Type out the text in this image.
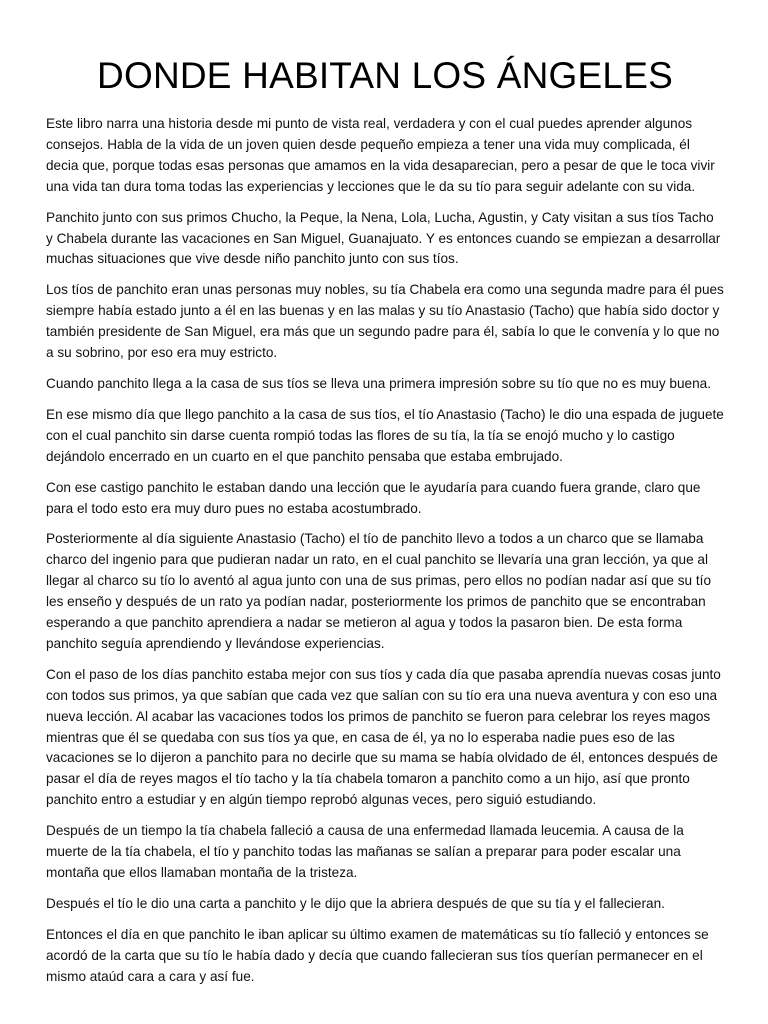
DONDE HABITAN LOS ÁNGELES

Este libro narra una historia desde mi punto de vista real, verdadera y con el cual puedes aprender algunos consejos. Habla de la vida de un joven quien desde pequeño empieza a tener una vida muy complicada, él decia que, porque todas esas personas que amamos en la vida desaparecian, pero a pesar de que le toca vivir una vida tan dura toma todas las experiencias y lecciones que le da su tío para seguir adelante con su vida.

Panchito junto con sus primos Chucho, la Peque, la Nena, Lola, Lucha, Agustin, y Caty visitan a sus tíos Tacho y Chabela durante las vacaciones en San Miguel, Guanajuato. Y es entonces cuando se empiezan a desarrollar muchas situaciones que vive desde niño panchito junto con sus tíos.

Los tíos de panchito eran unas personas muy nobles, su tía Chabela era como una segunda madre para él pues siempre había estado junto a él en las buenas y en las malas y su tío Anastasio (Tacho) que había sido doctor y también presidente de San Miguel, era más que un segundo padre para él, sabía lo que le convenía y lo que no a su sobrino, por eso era muy estricto.

Cuando panchito llega a la casa de sus tíos se lleva una primera impresión sobre su tío que no es muy buena.

En ese mismo día que llego panchito a la casa de sus tíos, el tío Anastasio (Tacho) le dio una espada de juguete con el cual panchito sin darse cuenta rompió todas las flores de su tía, la tía se enojó mucho y lo castigo dejándolo encerrado en un cuarto en el que panchito pensaba que estaba embrujado.

Con ese castigo panchito le estaban dando una lección que le ayudaría para cuando fuera grande, claro que para el todo esto era muy duro pues no estaba acostumbrado.

Posteriormente al día siguiente Anastasio (Tacho) el tío de panchito llevo a todos a un charco que se llamaba charco del ingenio para que pudieran nadar un rato, en el cual panchito se llevaría una gran lección, ya que al llegar al charco su tío lo aventó al agua junto con una de sus primas, pero ellos no podían nadar así que su tío les enseño y después de un rato ya podían nadar, posteriormente los primos de panchito que se encontraban esperando a que panchito aprendiera a nadar se metieron al agua y todos la pasaron bien. De esta forma panchito seguía aprendiendo y llevándose experiencias.

Con el paso de los días panchito estaba mejor con sus tíos y cada día que pasaba aprendía nuevas cosas junto con todos sus primos, ya que sabían que cada vez que salían con su tío era una nueva aventura y con eso una nueva lección. Al acabar las vacaciones todos los primos de panchito se fueron para celebrar los reyes magos mientras que él se quedaba con sus tíos ya que, en casa de él, ya no lo esperaba nadie pues eso de las vacaciones se lo dijeron a panchito para no decirle que su mama se había olvidado de él, entonces después de pasar el día de reyes magos el tío tacho y la tía chabela tomaron a panchito como a un hijo, así que pronto panchito entro a estudiar y en algún tiempo reprobó algunas veces, pero siguió estudiando.

Después de un tiempo la tía chabela falleció a causa de una enfermedad llamada leucemia. A causa de la muerte de la tía chabela, el tío y panchito todas las mañanas se salían a preparar para poder escalar una montaña que ellos llamaban montaña de la tristeza.

Después el tío le dio una carta a panchito y le dijo que la abriera después de que su tía y el fallecieran.

Entonces el día en que panchito le iban aplicar su último examen de matemáticas su tío falleció y entonces se acordó de la carta que su tío le había dado y decía que cuando fallecieran sus tíos querían permanecer en el mismo ataúd cara a cara y así fue.
